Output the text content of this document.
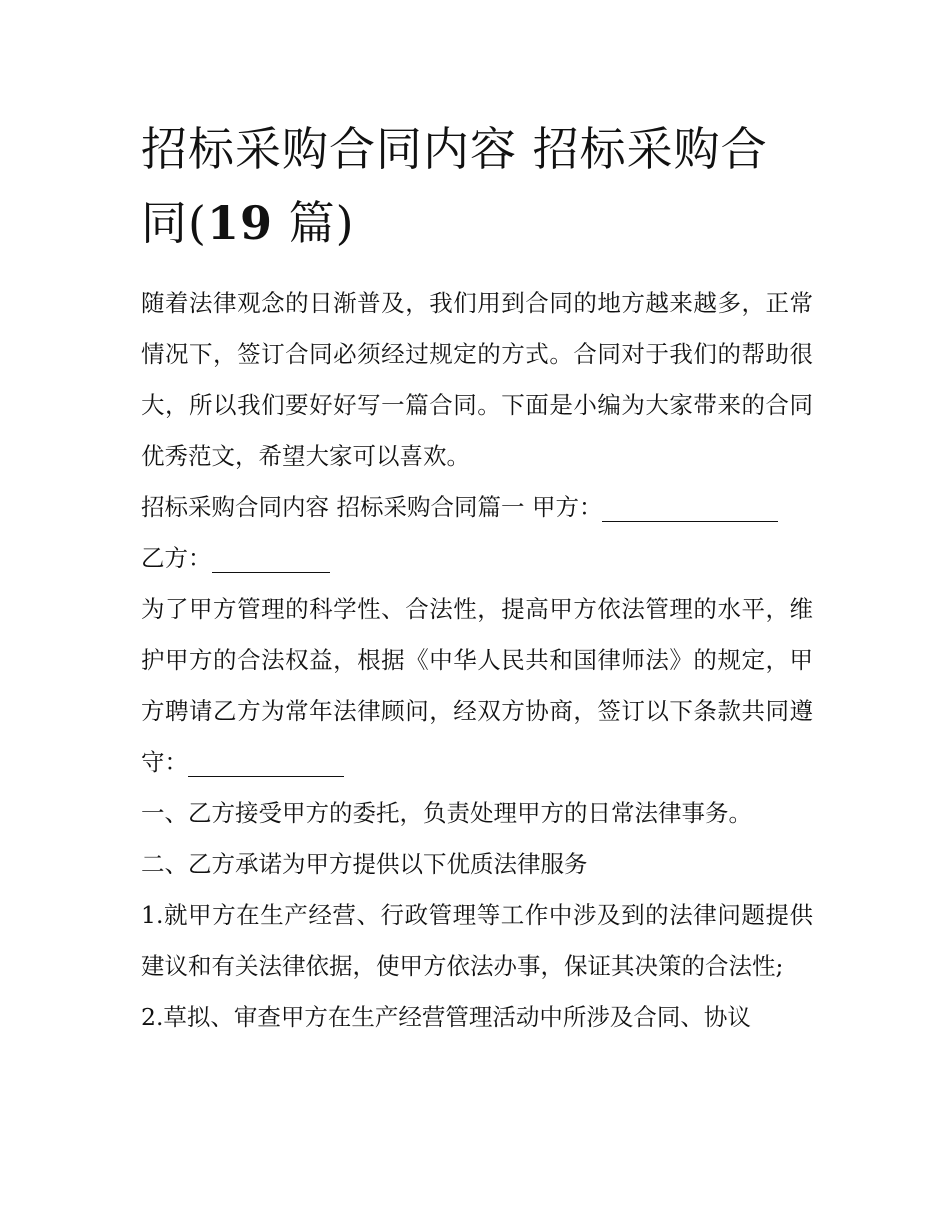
招标采购合同内容 招标采购合同(19 篇)

随着法律观念的日渐普及，我们用到合同的地方越来越多，正常情况下，签订合同必须经过规定的方式。合同对于我们的帮助很大，所以我们要好好写一篇合同。下面是小编为大家带来的合同优秀范文，希望大家可以喜欢。

招标采购合同内容 招标采购合同篇一 甲方：

乙方：

为了甲方管理的科学性、合法性，提高甲方依法管理的水平，维护甲方的合法权益，根据《中华人民共和国律师法》的规定，甲方聘请乙方为常年法律顾问，经双方协商，签订以下条款共同遵守：

一、乙方接受甲方的委托，负责处理甲方的日常法律事务。

二、乙方承诺为甲方提供以下优质法律服务

1.就甲方在生产经营、行政管理等工作中涉及到的法律问题提供建议和有关法律依据，使甲方依法办事，保证其决策的合法性;

2.草拟、审查甲方在生产经营管理活动中所涉及合同、协议
